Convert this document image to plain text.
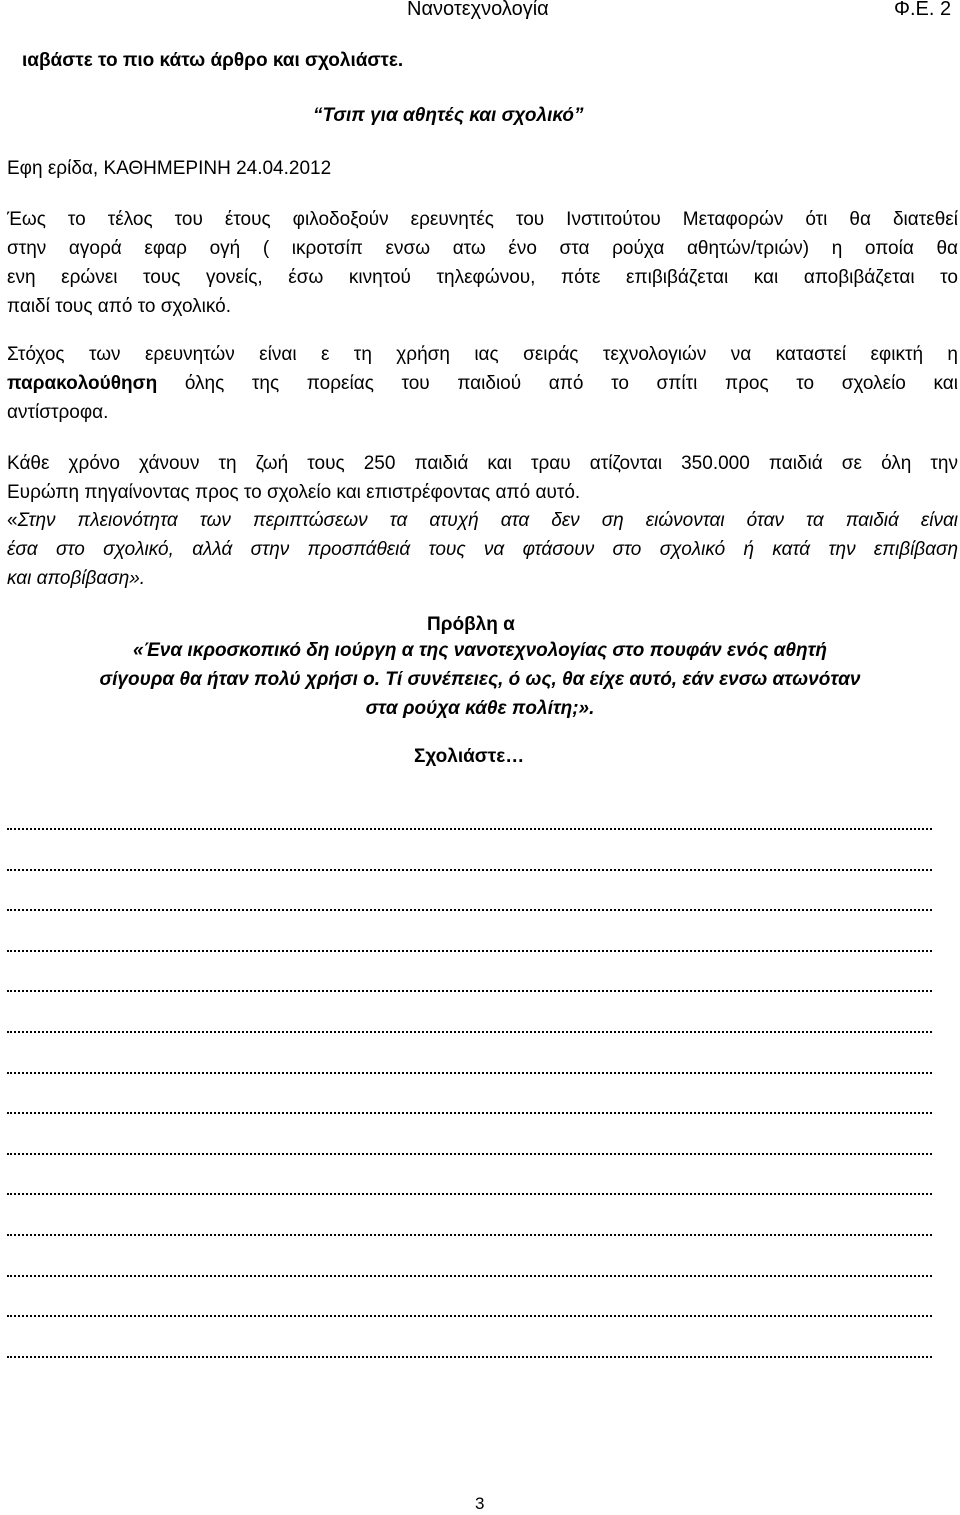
Νανοτεχνολογία	Φ.Ε. 2
ιαβάστε το πιο κάτω άρθρο και σχολιάστε.
“Τσιπ για αθητές και σχολικό”
Εφη ερίδα, ΚΑΘΗΜΕΡΙΝΗ 24.04.2012
Έως το τέλος του έτους φιλοδοξούν ερευνητές του Ινστιτούτου Μεταφορών ότι θα διατεθεί
στην αγορά εφαρ ογή ( ικροτσίπ ενσω ατω ένο στα ρούχα αθητών/τριών) η οποία θα
ενη ερώνει τους γονείς, έσω κινητού τηλεφώνου, πότε επιβιβάζεται και αποβιβάζεται το
παιδί τους από το σχολικό.
Στόχος των ερευνητών είναι ε τη χρήση ιας σειράς τεχνολογιών να καταστεί εφικτή η
παρακολούθηση όλης της πορείας του παιδιού από το σπίτι προς το σχολείο και
αντίστροφα.
Κάθε χρόνο χάνουν τη ζωή τους 250 παιδιά και τραυ ατίζονται 350.000 παιδιά σε όλη την
Ευρώπη πηγαίνοντας προς το σχολείο και επιστρέφοντας από αυτό.
«Στην πλειονότητα των περιπτώσεων τα ατυχή ατα δεν ση ειώνονται όταν τα παιδιά είναι
έσα στο σχολικό, αλλά στην προσπάθειά τους να φτάσουν στο σχολικό ή κατά την επιβίβαση
και αποβίβαση».
Πρόβλη α
«Ένα ικροσκοπικό δη ιούργη α της νανοτεχνολογίας στο πουφάν ενός αθητή
σίγουρα θα ήταν πολύ χρήσι ο. Τί συνέπειες, ό ως, θα είχε αυτό, εάν ενσω ατωνόταν
στα ρούχα κάθε πολίτη;».
Σχολιάστε…
3
